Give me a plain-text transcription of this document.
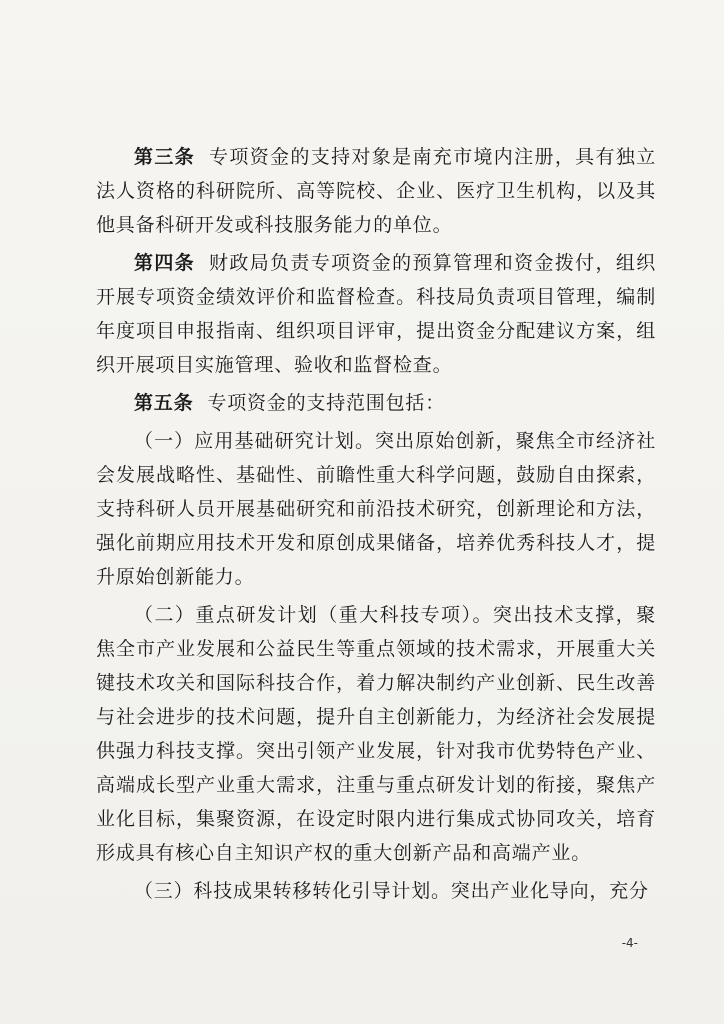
第三条 专项资金的支持对象是南充市境内注册，具有独立法人资格的科研院所、高等院校、企业、医疗卫生机构，以及其他具备科研开发或科技服务能力的单位。

第四条 财政局负责专项资金的预算管理和资金拨付，组织开展专项资金绩效评价和监督检查。科技局负责项目管理，编制年度项目申报指南、组织项目评审，提出资金分配建议方案，组织开展项目实施管理、验收和监督检查。

第五条 专项资金的支持范围包括：

（一）应用基础研究计划。突出原始创新，聚焦全市经济社会发展战略性、基础性、前瞻性重大科学问题，鼓励自由探索，支持科研人员开展基础研究和前沿技术研究，创新理论和方法，强化前期应用技术开发和原创成果储备，培养优秀科技人才，提升原始创新能力。

（二）重点研发计划（重大科技专项）。突出技术支撑，聚焦全市产业发展和公益民生等重点领域的技术需求，开展重大关键技术攻关和国际科技合作，着力解决制约产业创新、民生改善与社会进步的技术问题，提升自主创新能力，为经济社会发展提供强力科技支撑。突出引领产业发展，针对我市优势特色产业、高端成长型产业重大需求，注重与重点研发计划的衔接，聚焦产业化目标，集聚资源，在设定时限内进行集成式协同攻关，培育形成具有核心自主知识产权的重大创新产品和高端产业。

（三）科技成果转移转化引导计划。突出产业化导向，充分

-4-
